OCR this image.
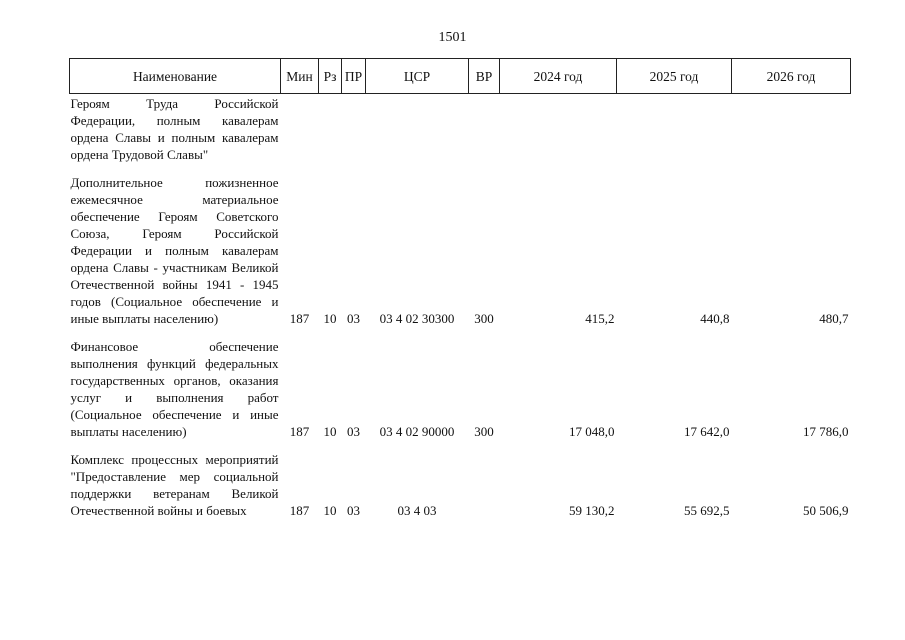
1501
Наименование	Мин	Рз	ПР	ЦСР	ВР	2024 год	2025 год	2026 год
Героям Труда Российской Федерации, полным кавалерам ордена Славы и полным кавалерам ордена Трудовой Славы"								

Дополнительное пожизненное ежемесячное материальное обеспечение Героям Советского Союза, Героям Российской Федерации и полным кавалерам ордена Славы - участникам Великой Отечественной войны 1941 - 1945 годов (Социальное обеспечение и иные выплаты населению)	187	10	03	03 4 02 30300	300	415,2	440,8	480,7

Финансовое обеспечение выполнения функций федеральных государственных органов, оказания услуг и выполнения работ (Социальное обеспечение и иные выплаты населению)	187	10	03	03 4 02 90000	300	17 048,0	17 642,0	17 786,0

Комплекс процессных мероприятий "Предоставление мер социальной поддержки ветеранам Великой Отечественной войны и боевых	187	10	03	03 4 03		59 130,2	55 692,5	50 506,9
